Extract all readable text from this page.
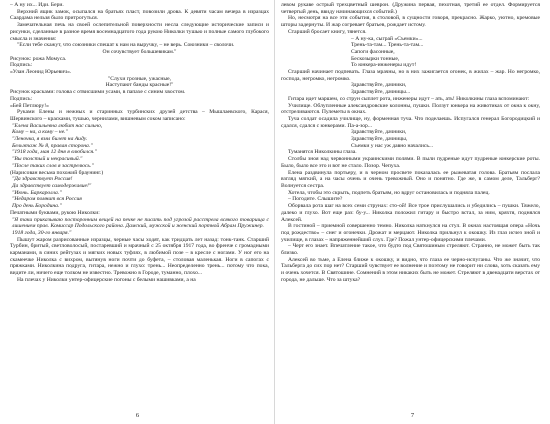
– А ну их... Иди. Бери.

Верхний ящик замок, осыпался на братьях пласт, повозили дрова. К девяти часам вечера в изразцах Саардама нельзя было притрогуться.

Замечательная печь на своей ослепительной поверхности несла следующие исторические записи и рисунки, сделанные в разное время восемнадцатого года рукою Николки тушью и полные самого глубокого смысла и значения:

"Если тебе скажут, что союзники спешат к нам на выручку, – не верь. Союзники – сволочи.

Он сочувствует большевикам."

Рисунок: рожа Момуса.

Подпись:

«Улан Леонид Юрьевич».

"Слухи грозные, ужасные,

Наступают банды красные!"

Рисунок красками: голова с отвисшими усами, в папахе с синим хвостом.

Подпись:

«Бей Петлюру!»

Руками Елены и нежных и старинных турбинских друзей детства – Мышлаевского, Карася, Шервинского – красками, тушью, чернилами, вишневым соком записано:

"Елена Васильевна любит нас сильно,

Кому – на, а кому – не."

"Леночка, я взял билет на Аиду.

Бельэтаж № 8, правая сторона."

"1918 года, мая 12 дня я влюбился."

"Вы толстый и некрасивый."

"После таких слов я застрелюсь."

(Нарисован весьма похожий браунинг.)

"Да здравствует Россия!

Да здравствует самодержавие!"

"Июнь. Баркаролла."

"Недаром помнит вся Россия

Про день Бородина."

Печатными буквами, рукою Николки:

"Я таки приказываю посторонним вещей на печке не писать под угрозой расстрела всякого товарища с лишением прав. Комиссар Подольского района. Дамский, мужской и женский портной Абрам Пружинер.

1918 года, 30-го января."

Пышут жаром разрисованные изразцы, черные часы ходят, как тридцать лет назад: тонк-танк. Старший Турбин, бритый, светловолосый, постаревший и мрачный с 25 октября 1917 года, во френче с громадными карманами, в синих рейтузах и мягких новых туфлях, в любимой позе – в кресле с ногами. У ног его на скамеечке Николка с вихром, вытянув ноги почти до буфета, – столовая маленькая. Ноги в сапогах с пряжками. Николкина подруга, гитара, нежно и глухо: трень... Неопределенно трень... потому что пока, видите ли, ничего еще толком не известно. Тревожно в Городе, туманно, плохо...

На плечах у Николки унтер-офицерские погоны с белыми нашивками, а на

6

левом рукаве острый трехцветный шеврон. (Дружина первая, пехотная, третий ее отдел. Формируется четвертый день, ввиду начинающихся событий.)

Но, несмотря на все эти события, в столовой, в сущности говоря, прекрасно. Жарко, уютно, кремовые шторы задернуты. И жар согревает братьев, рождает истому.

Старший бросает книгу, тянется.

– А ну-ка, сыграй «Съемки»...

Трень-та-там... Трень-та-там...

Сапоги фасонные,

Бескозырки тонные,

То юнкера-инженеры идут!

Старший начинает подпевать. Глаза мрачны, но в них зажигается огонек, в жилах – жар. Но негромко, господа, негромко, негромко.

Здравствуйте, дачники,

Здравствуйте, дачницы...

Гитара идет маршем, со струн сыплет рота, инженеры идут – ать, ать! Николкины глаза вспоминают:

Училище. Облупленные александровские колонны, пушки. Ползут юнкера на животиках от окна к окну, отстреливаются. Пулеметы в окнах.

Туча солдат осадила училище, ну, форменная туча. Что поделаешь. Испугался генерал Богородицкий и сдался, сдался с юнкерами. Па-а-зор...

Здравствуйте, дачники,

Здравствуйте, дачницы,

Съемки у нас уж давно начались...

Туманятся Николкины глаза.

Столбы зноя над червонными украинскими полями. В пыли пудреные идут пудреные юнкерские роты. Было, было все это и вот не стало. Позор. Чепуха.

Елена раздвинула портьеру, и в черном просвете показалась ее рыжеватая голова. Братьям послала взгляд мягкий, а на часы очень и очень тревожный. Оно и понятно. Где же, в самом деле, Тальберг? Волнуется сестра.

Хотела, чтобы это скрыть, подпеть братьям, но вдруг остановилась и подняла палец.

– Погодите. Слышите?

Оборвала рота шаг на всех семи струнах: сто-ой! Все трое прислушались и убедились – пушки. Тяжело, далеко и глухо. Вот еще раз: бу-у... Николка положил гитару и быстро встал, за ним, кряхтя, поднялся Алексей.

В гостиной – приемной совершенно темно. Николка наткнулся на стул. В окнах настоящая опера «Ночь под рождество» – снег и огонечки. Дрожат и мерцают. Николка прильнул к окошку. Из глаз исчез зной и училище, в глазах – напряженнейший слух. Где? Пожал унтер-офицерскими плечами.

– Черт его знает. Впечатление такое, что будто под Святошиным стреляют. Странно, не может быть так близко.

Алексей во тьме, а Елена ближе к окошку, и видно, что глаза ее черно-испуганы. Что же значит, что Тальберга до сих пор нет? Старший чувствует ее волнение и поэтому не говорит ни слова, хоть сказать ему и очень хочется. В Святошине. Сомнений в этом никаких быть не может. Стреляют в двенадцати верстах от города, не дальше. Что за штука?

7
